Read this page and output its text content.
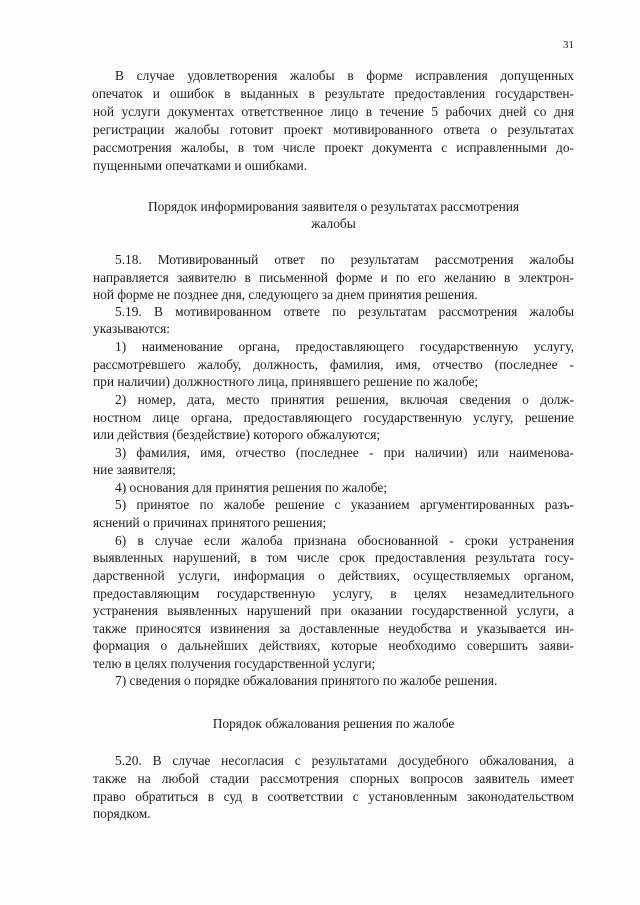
31
В случае удовлетворения жалобы в форме исправления допущенных
опечаток и ошибок в выданных в результате предоставления государствен-
ной услуги документах ответственное лицо в течение 5 рабочих дней со дня
регистрации жалобы готовит проект мотивированного ответа о результатах
рассмотрения жалобы, в том числе проект документа с исправленными до-
пущенными опечатками и ошибками.
Порядок информирования заявителя о результатах рассмотрения
жалобы
5.18. Мотивированный ответ по результатам рассмотрения жалобы
направляется заявителю в письменной форме и по его желанию в электрон-
ной форме не позднее дня, следующего за днем принятия решения.
5.19. В мотивированном ответе по результатам рассмотрения жалобы
указываются:
1) наименование органа, предоставляющего государственную услугу,
рассмотревшего жалобу, должность, фамилия, имя, отчество (последнее -
при наличии) должностного лица, принявшего решение по жалобе;
2) номер, дата, место принятия решения, включая сведения о долж-
ностном лице органа, предоставляющего государственную услугу, решение
или действия (бездействие) которого обжалуются;
3) фамилия, имя, отчество (последнее - при наличии) или наименова-
ние заявителя;
4) основания для принятия решения по жалобе;
5) принятое по жалобе решение с указанием аргументированных разъ-
яснений о причинах принятого решения;
6) в случае если жалоба признана обоснованной - сроки устранения
выявленных нарушений, в том числе срок предоставления результата госу-
дарственной услуги, информация о действиях, осуществляемых органом,
предоставляющим государственную услугу, в целях незамедлительного
устранения выявленных нарушений при оказании государственной услуги, а
также приносятся извинения за доставленные неудобства и указывается ин-
формация о дальнейших действиях, которые необходимо совершить заяви-
телю в целях получения государственной услуги;
7) сведения о порядке обжалования принятого по жалобе решения.
Порядок обжалования решения по жалобе
5.20. В случае несогласия с результатами досудебного обжалования, а
также на любой стадии рассмотрения спорных вопросов заявитель имеет
право обратиться в суд в соответствии с установленным законодательством
порядком.
